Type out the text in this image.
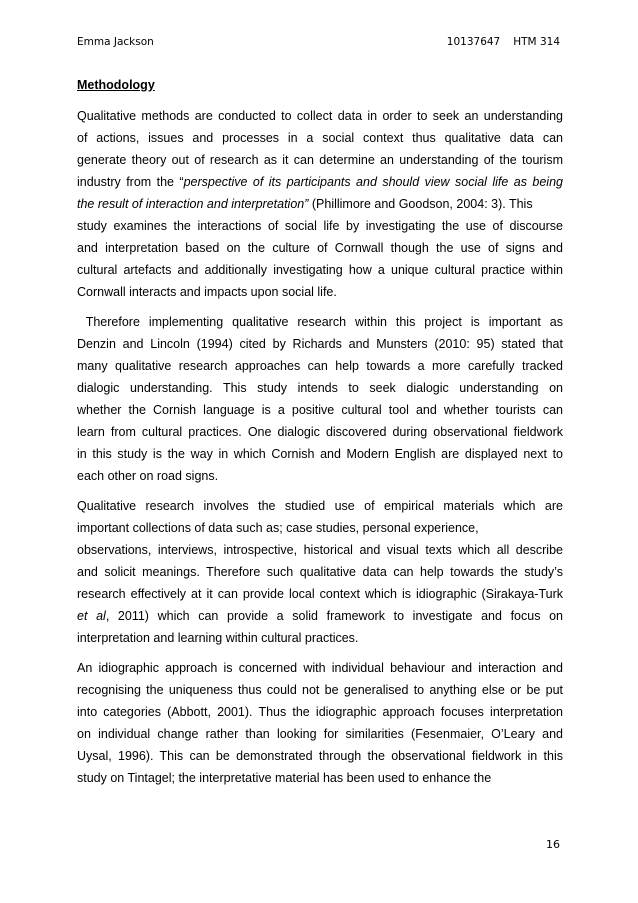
Emma Jackson	10137647 HTM 314
Methodology

Qualitative methods are conducted to collect data in order to seek an understanding
of actions, issues and processes in a social context thus qualitative data can
generate theory out of research as it can determine an understanding of the tourism
industry from the “perspective of its participants and should view social life as being
the result of interaction and interpretation” (Phillimore and Goodson, 2004: 3). This
study examines the interactions of social life by investigating the use of discourse
and interpretation based on the culture of Cornwall though the use of signs and
cultural artefacts and additionally investigating how a unique cultural practice within
Cornwall interacts and impacts upon social life.

Therefore implementing qualitative research within this project is important as
Denzin and Lincoln (1994) cited by Richards and Munsters (2010: 95) stated that
many qualitative research approaches can help towards a more carefully tracked
dialogic understanding. This study intends to seek dialogic understanding on
whether the Cornish language is a positive cultural tool and whether tourists can
learn from cultural practices. One dialogic discovered during observational fieldwork
in this study is the way in which Cornish and Modern English are displayed next to
each other on road signs.

Qualitative research involves the studied use of empirical materials which are
important collections of data such as; case studies, personal experience,
observations, interviews, introspective, historical and visual texts which all describe
and solicit meanings. Therefore such qualitative data can help towards the study’s
research effectively at it can provide local context which is idiographic (Sirakaya-Turk
et al, 2011) which can provide a solid framework to investigate and focus on
interpretation and learning within cultural practices.

An idiographic approach is concerned with individual behaviour and interaction and
recognising the uniqueness thus could not be generalised to anything else or be put
into categories (Abbott, 2001). Thus the idiographic approach focuses interpretation
on individual change rather than looking for similarities (Fesenmaier, O’Leary and
Uysal, 1996). This can be demonstrated through the observational fieldwork in this
study on Tintagel; the interpretative material has been used to enhance the

16
